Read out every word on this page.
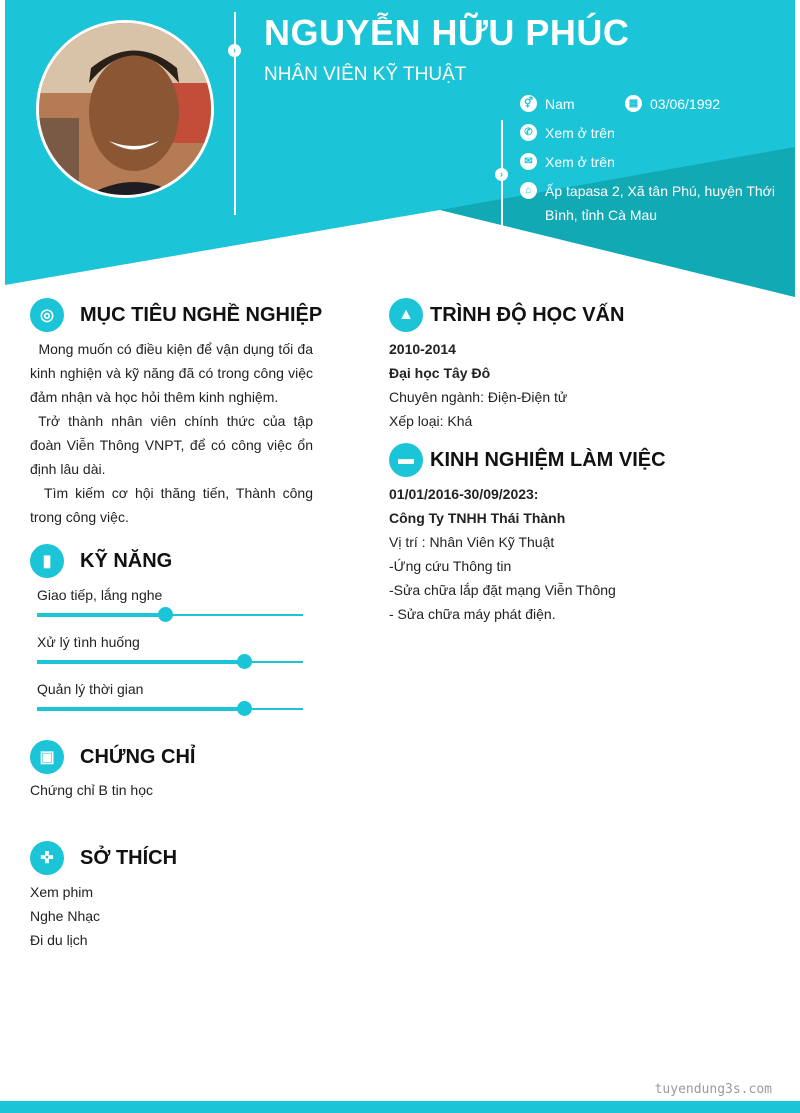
› NGUYỄN HỮU PHÚC
NHÂN VIÊN KỸ THUẬT
›
⚥ Nam	▦ 03/06/1992
✆ Xem ở trên
✉ Xem ở trên
⌂ Ấp tapasa 2, Xã tân Phú, huyện Thới Bình, tỉnh Cà Mau
◎	MỤC TIÊU NGHỀ NGHIỆP
Mong muốn có điều kiện để vận dụng tối đa kinh nghiện và kỹ năng đã có trong công việc đảm nhận và học hỏi thêm kinh nghiệm.
Trở thành nhân viên chính thức của tập đoàn Viễn Thông VNPT, để có công việc ổn định lâu dài.
Tìm kiếm cơ hội thăng tiến, Thành công trong công việc.
▮	KỸ NĂNG
Giao tiếp, lắng nghe
Xử lý tình huống
Quản lý thời gian
▣	CHỨNG CHỈ
Chứng chỉ B tin học
✜	SỞ THÍCH
Xem phim
Nghe Nhạc
Đi du lịch
▲ TRÌNH ĐỘ HỌC VẤN
2010-2014
Đại học Tây Đô
Chuyên ngành: Điện-Điện tử
Xếp loại: Khá
▬ KINH NGHIỆM LÀM VIỆC
01/01/2016-30/09/2023:
Công Ty TNHH Thái Thành
Vị trí : Nhân Viên Kỹ Thuật
-Ứng cứu Thông tin
-Sửa chữa lắp đặt mạng Viễn Thông
- Sửa chữa máy phát điện.
tuyendung3s.com
